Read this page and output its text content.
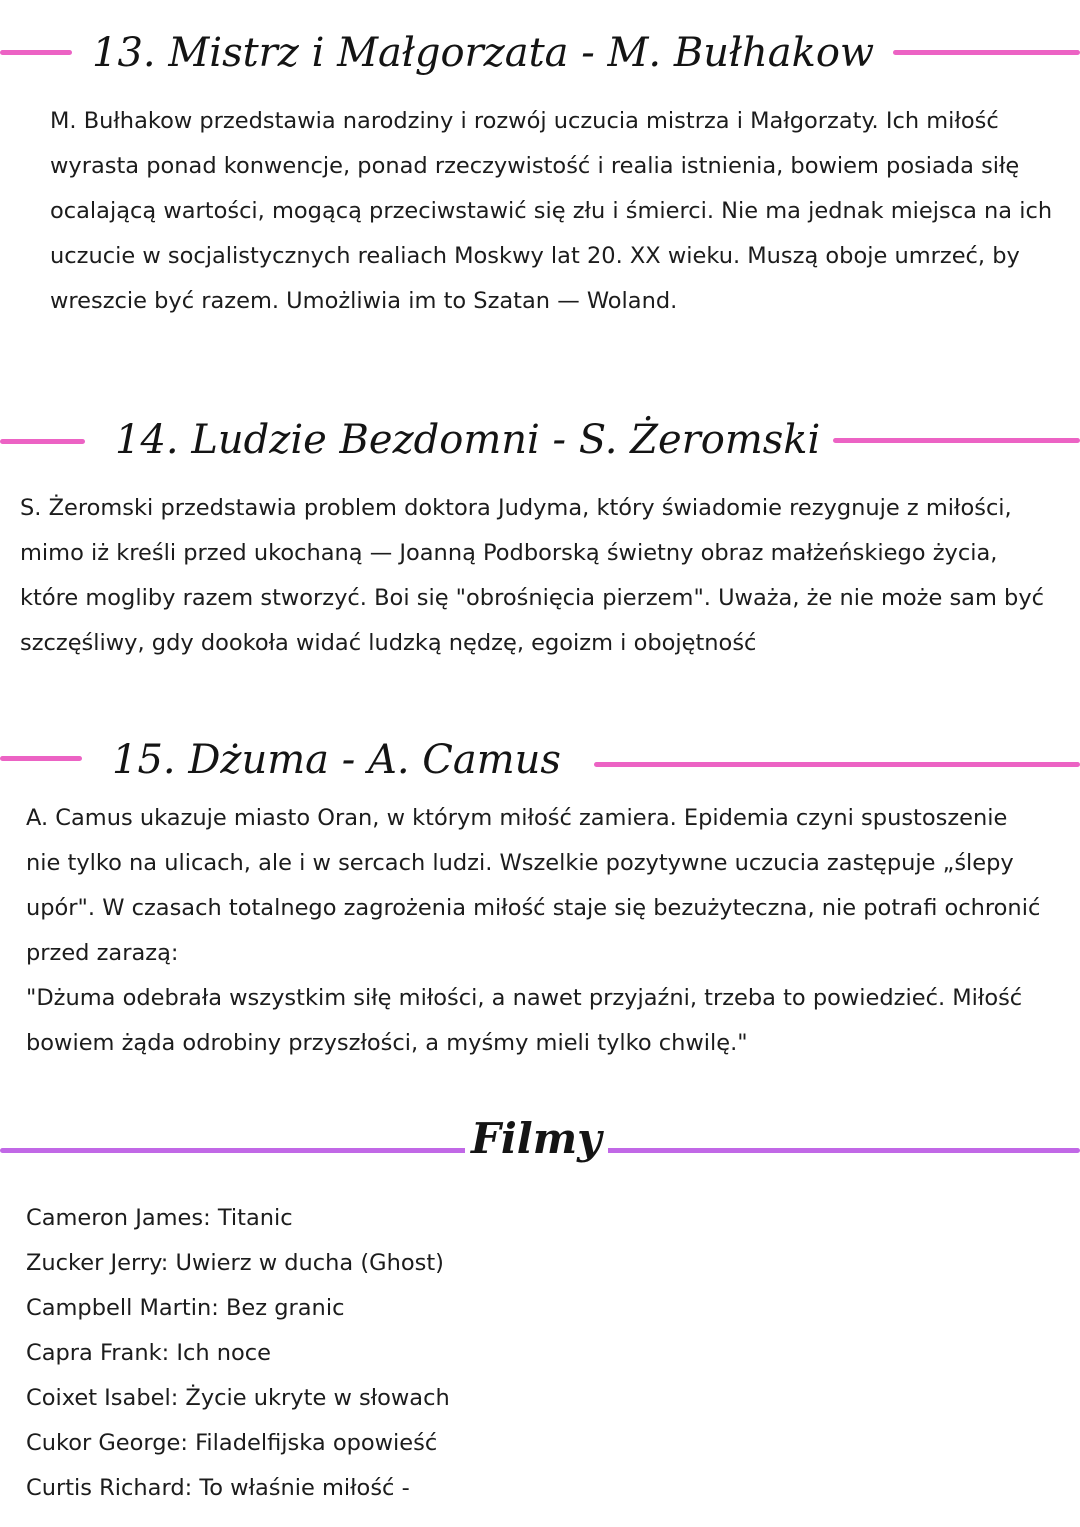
13. Mistrz i Małgorzata - M. Bułhakow

M. Bułhakow przedstawia narodziny i rozwój uczucia mistrza i Małgorzaty. Ich miłość wyrasta ponad konwencje, ponad rzeczywistość i realia istnienia, bowiem posiada siłę ocalającą wartości, mogącą przeciwstawić się złu i śmierci. Nie ma jednak miejsca na ich uczucie w socjalistycznych realiach Moskwy lat 20. XX wieku. Muszą oboje umrzeć, by wreszcie być razem. Umożliwia im to Szatan — Woland.

14. Ludzie Bezdomni - S. Żeromski

S. Żeromski przedstawia problem doktora Judyma, który świadomie rezygnuje z miłości, mimo iż kreśli przed ukochaną — Joanną Podborską świetny obraz małżeńskiego życia, które mogliby razem stworzyć. Boi się "obrośnięcia pierzem". Uważa, że nie może sam być szczęśliwy, gdy dookoła widać ludzką nędzę, egoizm i obojętność

15. Dżuma - A. Camus

A. Camus ukazuje miasto Oran, w którym miłość zamiera. Epidemia czyni spustoszenie nie tylko na ulicach, ale i w sercach ludzi. Wszelkie pozytywne uczucia zastępuje „ślepy upór". W czasach totalnego zagrożenia miłość staje się bezużyteczna, nie potrafi ochronić przed zarazą:

"Dżuma odebrała wszystkim siłę miłości, a nawet przyjaźni, trzeba to powiedzieć. Miłość bowiem żąda odrobiny przyszłości, a myśmy mieli tylko chwilę."

Filmy
Cameron James: Titanic
Zucker Jerry: Uwierz w ducha (Ghost)
Campbell Martin: Bez granic
Capra Frank: Ich noce
Coixet Isabel: Życie ukryte w słowach
Cukor George: Filadelfijska opowieść
Curtis Richard: To właśnie miłość -
